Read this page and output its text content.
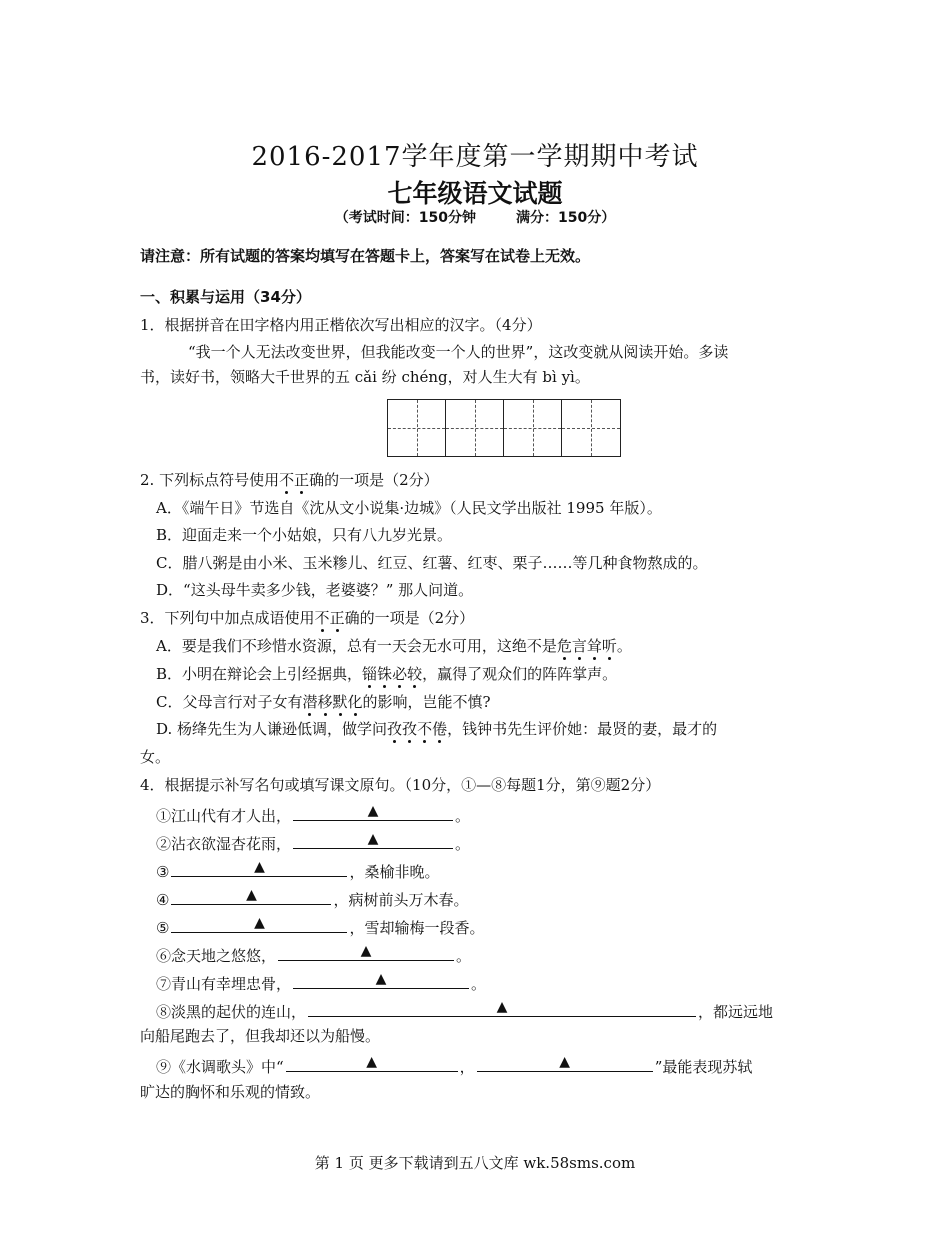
2016-2017学年度第一学期期中考试
七年级语文试题
（考试时间：150分钟	满分：150分）
请注意：所有试题的答案均填写在答题卡上，答案写在试卷上无效。
一、积累与运用（34分）
1．根据拼音在田字格内用正楷依次写出相应的汉字。（4分）
“我一个人无法改变世界，但我能改变一个人的世界”，这改变就从阅读开始。多读
书，读好书，领略大千世界的五 cǎi 纷 chéng，对人生大有 bì yì。
2. 下列标点符号使用不正确的一项是（2分）
A．《端午日》节选自《沈从文小说集·边城》（人民文学出版社 1995 年版）。
B．迎面走来一个小姑娘，只有八九岁光景。
C．腊八粥是由小米、玉米糁儿、红豆、红薯、红枣、栗子……等几种食物熬成的。
D．“这头母牛卖多少钱，老婆婆？” 那人问道。
3．下列句中加点成语使用不正确的一项是（2分）
A．要是我们不珍惜水资源，总有一天会无水可用，这绝不是危言耸听。
B．小明在辩论会上引经据典，锱铢必较，赢得了观众们的阵阵掌声。
C．父母言行对子女有潜移默化的影响，岂能不慎?
D. 杨绛先生为人谦逊低调，做学问孜孜不倦，钱钟书先生评价她：最贤的妻，最才的
女。
4．根据提示补写名句或填写课文原句。（10分，①—⑧每题1分，第⑨题2分）
①江山代有才人出，	▲	。
②沾衣欲湿杏花雨，	▲	。
③	▲	，桑榆非晚。
④	▲	，病树前头万木春。
⑤	▲	，雪却输梅一段香。
⑥念天地之悠悠，	▲	。
⑦青山有幸埋忠骨，	▲	。
⑧淡黑的起伏的连山，	▲	，都远远地
向船尾跑去了，但我却还以为船慢。
⑨《水调歌头》中“	▲	，	▲	”最能表现苏轼
旷达的胸怀和乐观的情致。
第 1 页 更多下载请到五八文库 wk.58sms.com
